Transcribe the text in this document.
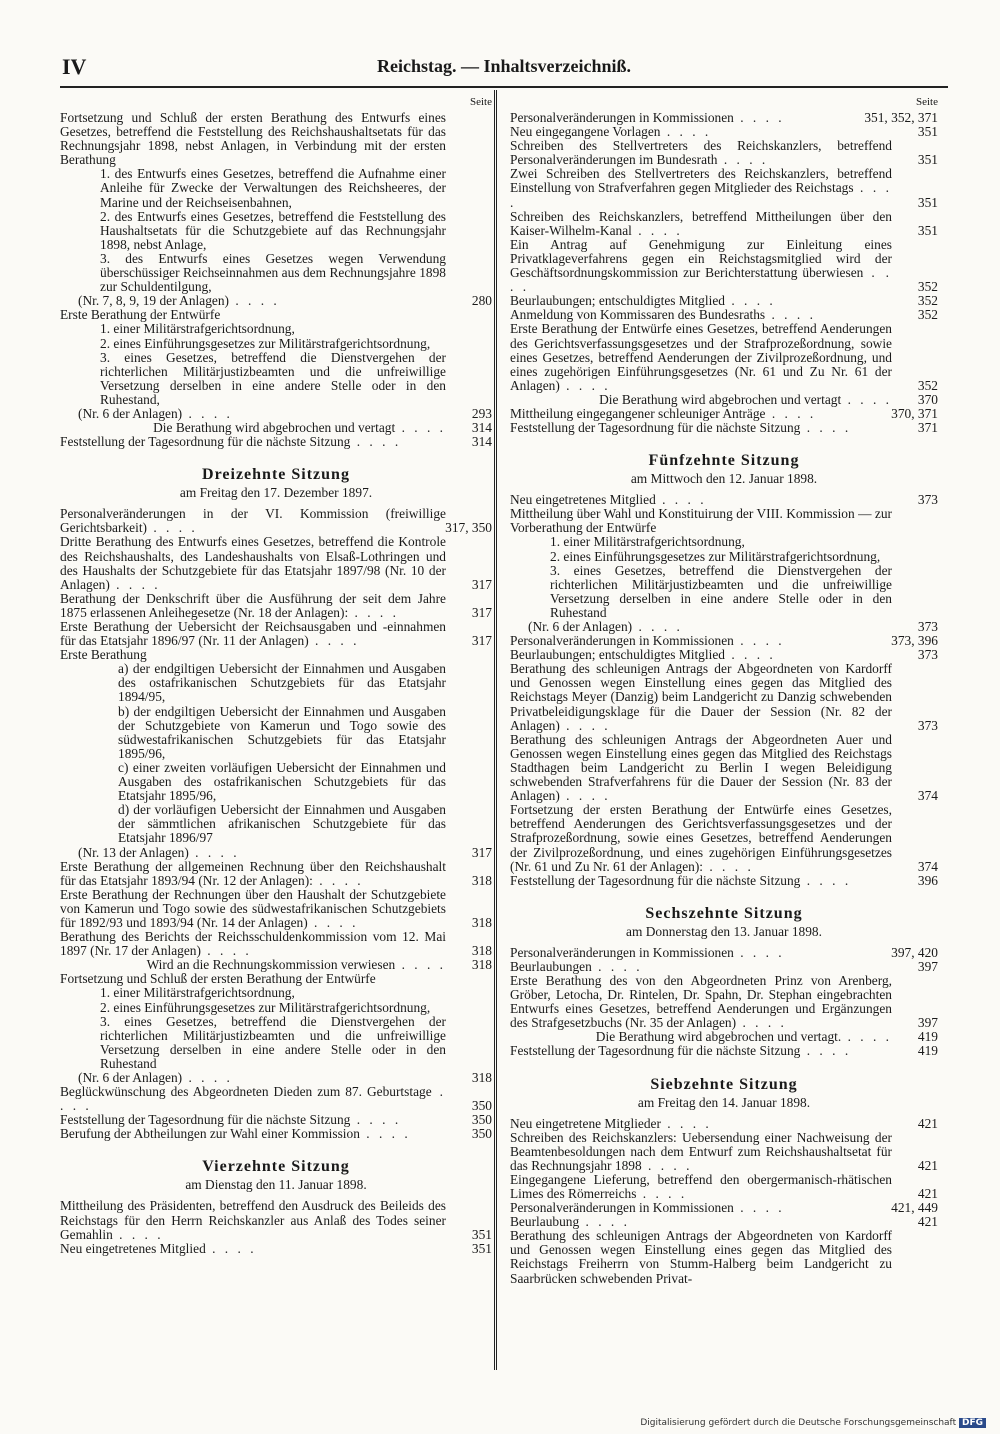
IV	Reichstag. — Inhaltsverzeichniß.
Seite
Fortsetzung und Schluß der ersten Berathung des Entwurfs eines Gesetzes, betreffend die Feststellung des Reichshaushaltsetats für das Rechnungsjahr 1898, nebst Anlagen, in Verbindung mit der ersten Berathung
1. des Entwurfs eines Gesetzes, betreffend die Aufnahme einer Anleihe für Zwecke der Verwaltungen des Reichsheeres, der Marine und der Reichseisenbahnen,
2. des Entwurfs eines Gesetzes, betreffend die Feststellung des Haushaltsetats für die Schutzgebiete auf das Rechnungsjahr 1898, nebst Anlage,
3. des Entwurfs eines Gesetzes wegen Verwendung überschüssiger Reichseinnahmen aus dem Rechnungsjahre 1898 zur Schuldentilgung,
(Nr. 7, 8, 9, 19 der Anlagen) . . . .	280
Erste Berathung der Entwürfe
1. einer Militärstrafgerichtsordnung,
2. eines Einführungsgesetzes zur Militärstrafgerichtsordnung,
3. eines Gesetzes, betreffend die Dienstvergehen der richterlichen Militärjustizbeamten und die unfreiwillige Versetzung derselben in eine andere Stelle oder in den Ruhestand,
(Nr. 6 der Anlagen) . . . .	293
Die Berathung wird abgebrochen und vertagt . . . . 314
Feststellung der Tagesordnung für die nächste Sitzung . . . .	314
Dreizehnte Sitzung
am Freitag den 17. Dezember 1897.
Personalveränderungen in der VI. Kommission (freiwillige Gerichtsbarkeit) . . . .	317, 350
Dritte Berathung des Entwurfs eines Gesetzes, betreffend die Kontrole des Reichshaushalts, des Landeshaushalts von Elsaß-Lothringen und des Haushalts der Schutzgebiete für das Etatsjahr 1897/98 (Nr. 10 der Anlagen) . . . .	317
Berathung der Denkschrift über die Ausführung der seit dem Jahre 1875 erlassenen Anleihegesetze (Nr. 18 der Anlagen): . . . .	317
Erste Berathung der Uebersicht der Reichsausgaben und -einnahmen für das Etatsjahr 1896/97 (Nr. 11 der Anlagen) . . . .	317
Erste Berathung
a) der endgiltigen Uebersicht der Einnahmen und Ausgaben des ostafrikanischen Schutzgebiets für das Etatsjahr 1894/95,
b) der endgiltigen Uebersicht der Einnahmen und Ausgaben der Schutzgebiete von Kamerun und Togo sowie des südwestafrikanischen Schutzgebiets für das Etatsjahr 1895/96,
c) einer zweiten vorläufigen Uebersicht der Einnahmen und Ausgaben des ostafrikanischen Schutzgebiets für das Etatsjahr 1895/96,
d) der vorläufigen Uebersicht der Einnahmen und Ausgaben der sämmtlichen afrikanischen Schutzgebiete für das Etatsjahr 1896/97
(Nr. 13 der Anlagen) . . . .	317
Erste Berathung der allgemeinen Rechnung über den Reichshaushalt für das Etatsjahr 1893/94 (Nr. 12 der Anlagen): . . . .	318
Erste Berathung der Rechnungen über den Haushalt der Schutzgebiete von Kamerun und Togo sowie des südwestafrikanischen Schutzgebiets für 1892/93 und 1893/94 (Nr. 14 der Anlagen) . . . .	318
Berathung des Berichts der Reichsschuldenkommission vom 12. Mai 1897 (Nr. 17 der Anlagen) . . . .	318
Wird an die Rechnungskommission verwiesen . . . . 318
Fortsetzung und Schluß der ersten Berathung der Entwürfe
1. einer Militärstrafgerichtsordnung,
2. eines Einführungsgesetzes zur Militärstrafgerichtsordnung,
3. eines Gesetzes, betreffend die Dienstvergehen der richterlichen Militärjustizbeamten und die unfreiwillige Versetzung derselben in eine andere Stelle oder in den Ruhestand
(Nr. 6 der Anlagen) . . . .	318
Beglückwünschung des Abgeordneten Dieden zum 87. Geburtstage . . . .	350
Feststellung der Tagesordnung für die nächste Sitzung . . . .	350
Berufung der Abtheilungen zur Wahl einer Kommission . . . .	350
Vierzehnte Sitzung
am Dienstag den 11. Januar 1898.
Mittheilung des Präsidenten, betreffend den Ausdruck des Beileids des Reichstags für den Herrn Reichskanzler aus Anlaß des Todes seiner Gemahlin . . . .	351
Neu eingetretenes Mitglied . . . .	351
Seite
Personalveränderungen in Kommissionen . . . .	351, 352, 371
Neu eingegangene Vorlagen . . . .	351
Schreiben des Stellvertreters des Reichskanzlers, betreffend Personalveränderungen im Bundesrath . . . .	351
Zwei Schreiben des Stellvertreters des Reichskanzlers, betreffend Einstellung von Strafverfahren gegen Mitglieder des Reichstags . . . .	351
Schreiben des Reichskanzlers, betreffend Mittheilungen über den Kaiser-Wilhelm-Kanal . . . .	351
Ein Antrag auf Genehmigung zur Einleitung eines Privatklageverfahrens gegen ein Reichstagsmitglied wird der Geschäftsordnungskommission zur Berichterstattung überwiesen . . . .	352
Beurlaubungen; entschuldigtes Mitglied . . . .	352
Anmeldung von Kommissaren des Bundesraths . . . .	352
Erste Berathung der Entwürfe eines Gesetzes, betreffend Aenderungen des Gerichtsverfassungsgesetzes und der Strafprozeßordnung, sowie eines Gesetzes, betreffend Aenderungen der Zivilprozeßordnung, und eines zugehörigen Einführungsgesetzes (Nr. 61 und Zu Nr. 61 der Anlagen) . . . .	352
Die Berathung wird abgebrochen und vertagt . . . . 370
Mittheilung eingegangener schleuniger Anträge . . . .	370, 371
Feststellung der Tagesordnung für die nächste Sitzung . . . .	371
Fünfzehnte Sitzung
am Mittwoch den 12. Januar 1898.
Neu eingetretenes Mitglied . . . .	373
Mittheilung über Wahl und Konstituirung der VIII. Kommission — zur Vorberathung der Entwürfe
1. einer Militärstrafgerichtsordnung,
2. eines Einführungsgesetzes zur Militärstrafgerichtsordnung,
3. eines Gesetzes, betreffend die Dienstvergehen der richterlichen Militärjustizbeamten und die unfreiwillige Versetzung derselben in eine andere Stelle oder in den Ruhestand
(Nr. 6 der Anlagen) . . . .	373
Personalveränderungen in Kommissionen . . . .	373, 396
Beurlaubungen; entschuldigtes Mitglied . . . .	373
Berathung des schleunigen Antrags der Abgeordneten von Kardorff und Genossen wegen Einstellung eines gegen das Mitglied des Reichstags Meyer (Danzig) beim Landgericht zu Danzig schwebenden Privatbeleidigungsklage für die Dauer der Session (Nr. 82 der Anlagen) . . . .	373
Berathung des schleunigen Antrags der Abgeordneten Auer und Genossen wegen Einstellung eines gegen das Mitglied des Reichstags Stadthagen beim Landgericht zu Berlin I wegen Beleidigung schwebenden Strafverfahrens für die Dauer der Session (Nr. 83 der Anlagen) . . . .	374
Fortsetzung der ersten Berathung der Entwürfe eines Gesetzes, betreffend Aenderungen des Gerichtsverfassungsgesetzes und der Strafprozeßordnung, sowie eines Gesetzes, betreffend Aenderungen der Zivilprozeßordnung, und eines zugehörigen Einführungsgesetzes (Nr. 61 und Zu Nr. 61 der Anlagen): . . . .	374
Feststellung der Tagesordnung für die nächste Sitzung . . . .	396
Sechszehnte Sitzung
am Donnerstag den 13. Januar 1898.
Personalveränderungen in Kommissionen . . . .	397, 420
Beurlaubungen . . . .	397
Erste Berathung des von den Abgeordneten Prinz von Arenberg, Gröber, Letocha, Dr. Rintelen, Dr. Spahn, Dr. Stephan eingebrachten Entwurfs eines Gesetzes, betreffend Aenderungen und Ergänzungen des Strafgesetzbuchs (Nr. 35 der Anlagen) . . . .	397
Die Berathung wird abgebrochen und vertagt. . . . . 419
Feststellung der Tagesordnung für die nächste Sitzung . . . .	419
Siebzehnte Sitzung
am Freitag den 14. Januar 1898.
Neu eingetretene Mitglieder . . . .	421
Schreiben des Reichskanzlers: Uebersendung einer Nachweisung der Beamtenbesoldungen nach dem Entwurf zum Reichshaushaltsetat für das Rechnungsjahr 1898 . . . .	421
Eingegangene Lieferung, betreffend den obergermanisch-rhätischen Limes des Römerreichs . . . .	421
Personalveränderungen in Kommissionen . . . .	421, 449
Beurlaubung . . . .	421
Berathung des schleunigen Antrags der Abgeordneten von Kardorff und Genossen wegen Einstellung eines gegen das Mitglied des Reichstags Freiherrn von Stumm-Halberg beim Landgericht zu Saarbrücken schwebenden Privat-
Digitalisierung gefördert durch die Deutsche Forschungsgemeinschaft DFG
